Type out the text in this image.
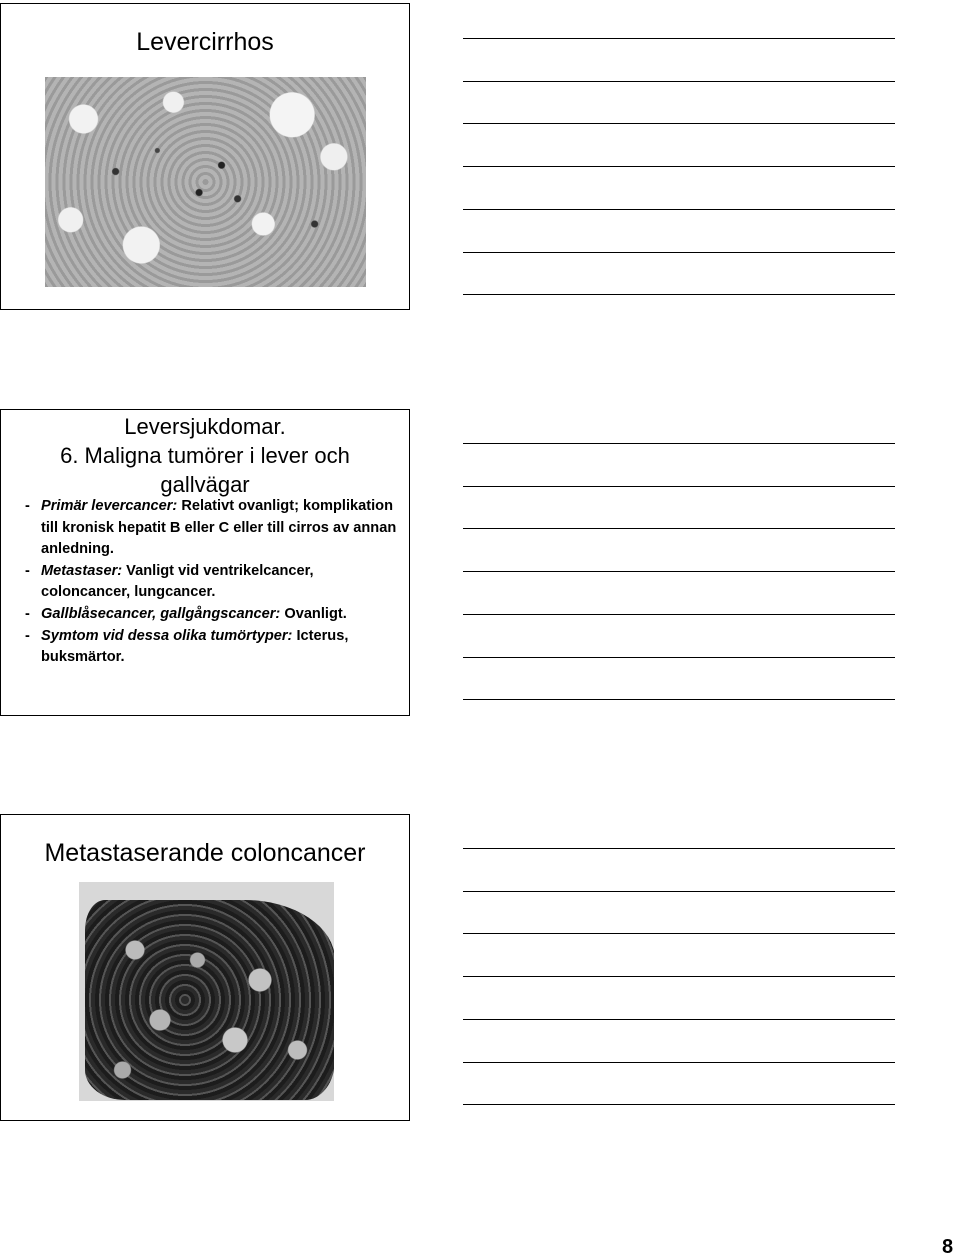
Levercirrhos
Leversjukdomar.
6. Maligna tumörer i lever och
gallvägar
- Primär levercancer: Relativt ovanligt; komplikation till kronisk hepatit B eller C eller till cirros av annan anledning.
- Metastaser: Vanligt vid ventrikelcancer, coloncancer, lungcancer.
- Gallblåsecancer, gallgångscancer: Ovanligt.
- Symtom vid dessa olika tumörtyper: Icterus, buksmärtor.
Metastaserande coloncancer
8
